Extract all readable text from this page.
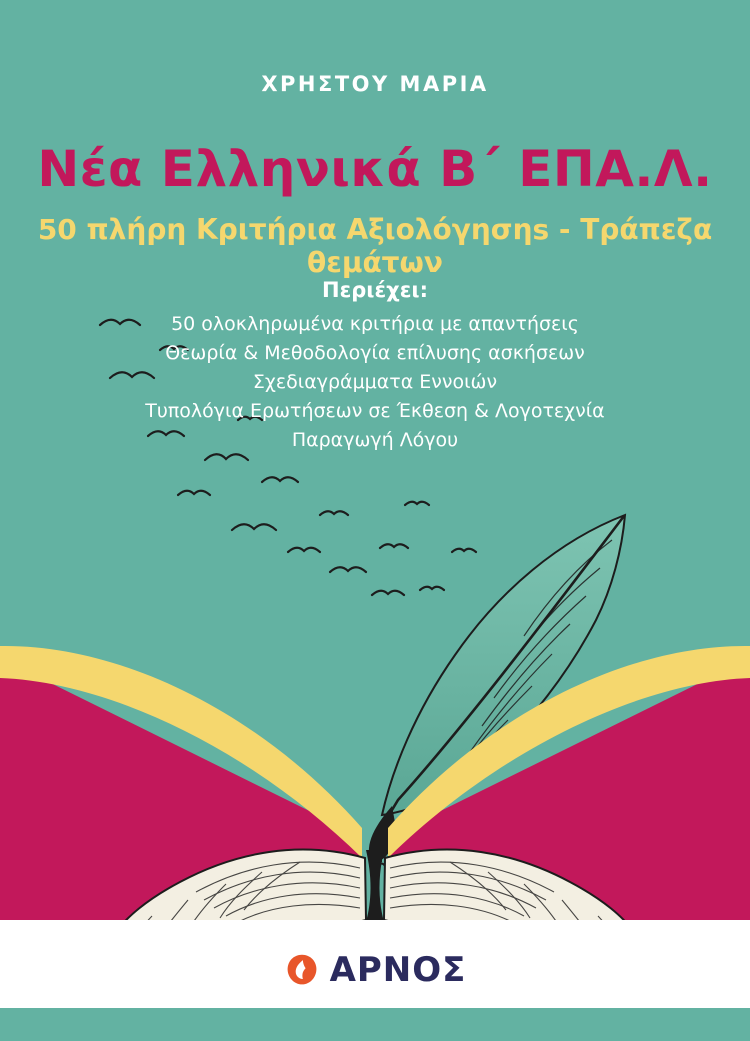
ΧΡΗΣΤΟΥ ΜΑΡΙΑ
Νέα Ελληνικά Β΄ ΕΠΑ.Λ.
50 πλήρη Κριτήρια Αξιολόγησηs - Τράπεζα θεμάτων
Περιέχει:
50 ολοκληρωμένα κριτήρια με απαντήσεις
Θεωρία & Μεθοδολογία επίλυσης ασκήσεων
Σχεδιαγράμματα Εννοιών
Τυπολόγια Ερωτήσεων σε Έκθεση & Λογοτεχνία
Παραγωγή Λόγου
ΑΡΝΟΣ
